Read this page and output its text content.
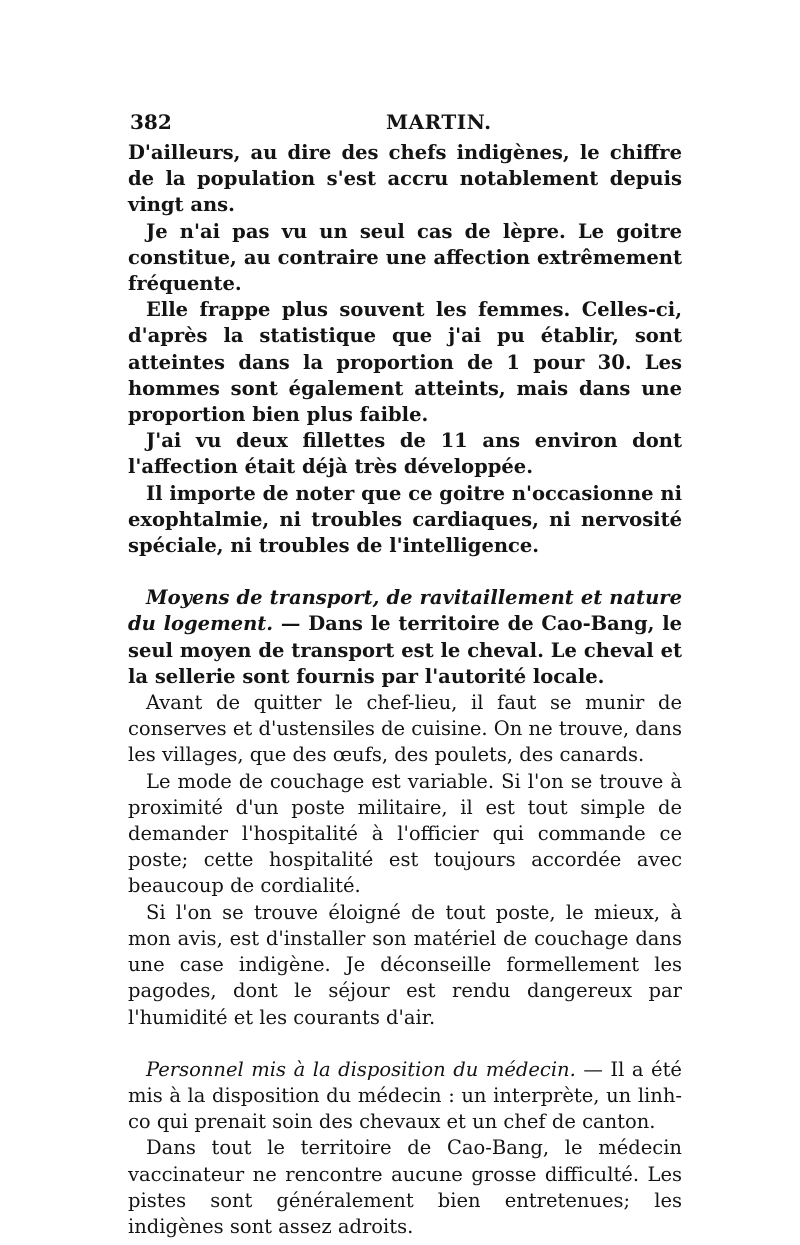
382	MARTIN.

D'ailleurs, au dire des chefs indigènes, le chiffre de la population s'est accru notablement depuis vingt ans.

Je n'ai pas vu un seul cas de lèpre. Le goitre constitue, au contraire une affection extrêmement fréquente.

Elle frappe plus souvent les femmes. Celles-ci, d'après la statistique que j'ai pu établir, sont atteintes dans la proportion de 1 pour 30. Les hommes sont également atteints, mais dans une proportion bien plus faible.

J'ai vu deux fillettes de 11 ans environ dont l'affection était déjà très développée.

Il importe de noter que ce goitre n'occasionne ni exophtalmie, ni troubles cardiaques, ni nervosité spéciale, ni troubles de l'intelligence.

Moyens de transport, de ravitaillement et nature du logement. — Dans le territoire de Cao-Bang, le seul moyen de transport est le cheval. Le cheval et la sellerie sont fournis par l'autorité locale.

Avant de quitter le chef-lieu, il faut se munir de conserves et d'ustensiles de cuisine. On ne trouve, dans les villages, que des œufs, des poulets, des canards.

Le mode de couchage est variable. Si l'on se trouve à proximité d'un poste militaire, il est tout simple de demander l'hospitalité à l'officier qui commande ce poste; cette hospitalité est toujours accordée avec beaucoup de cordialité.

Si l'on se trouve éloigné de tout poste, le mieux, à mon avis, est d'installer son matériel de couchage dans une case indigène. Je déconseille formellement les pagodes, dont le séjour est rendu dangereux par l'humidité et les courants d'air.

Personnel mis à la disposition du médecin. — Il a été mis à la disposition du médecin : un interprète, un linh-co qui prenait soin des chevaux et un chef de canton.

Dans tout le territoire de Cao-Bang, le médecin vaccinateur ne rencontre aucune grosse difficulté. Les pistes sont généralement bien entretenues; les indigènes sont assez adroits.
